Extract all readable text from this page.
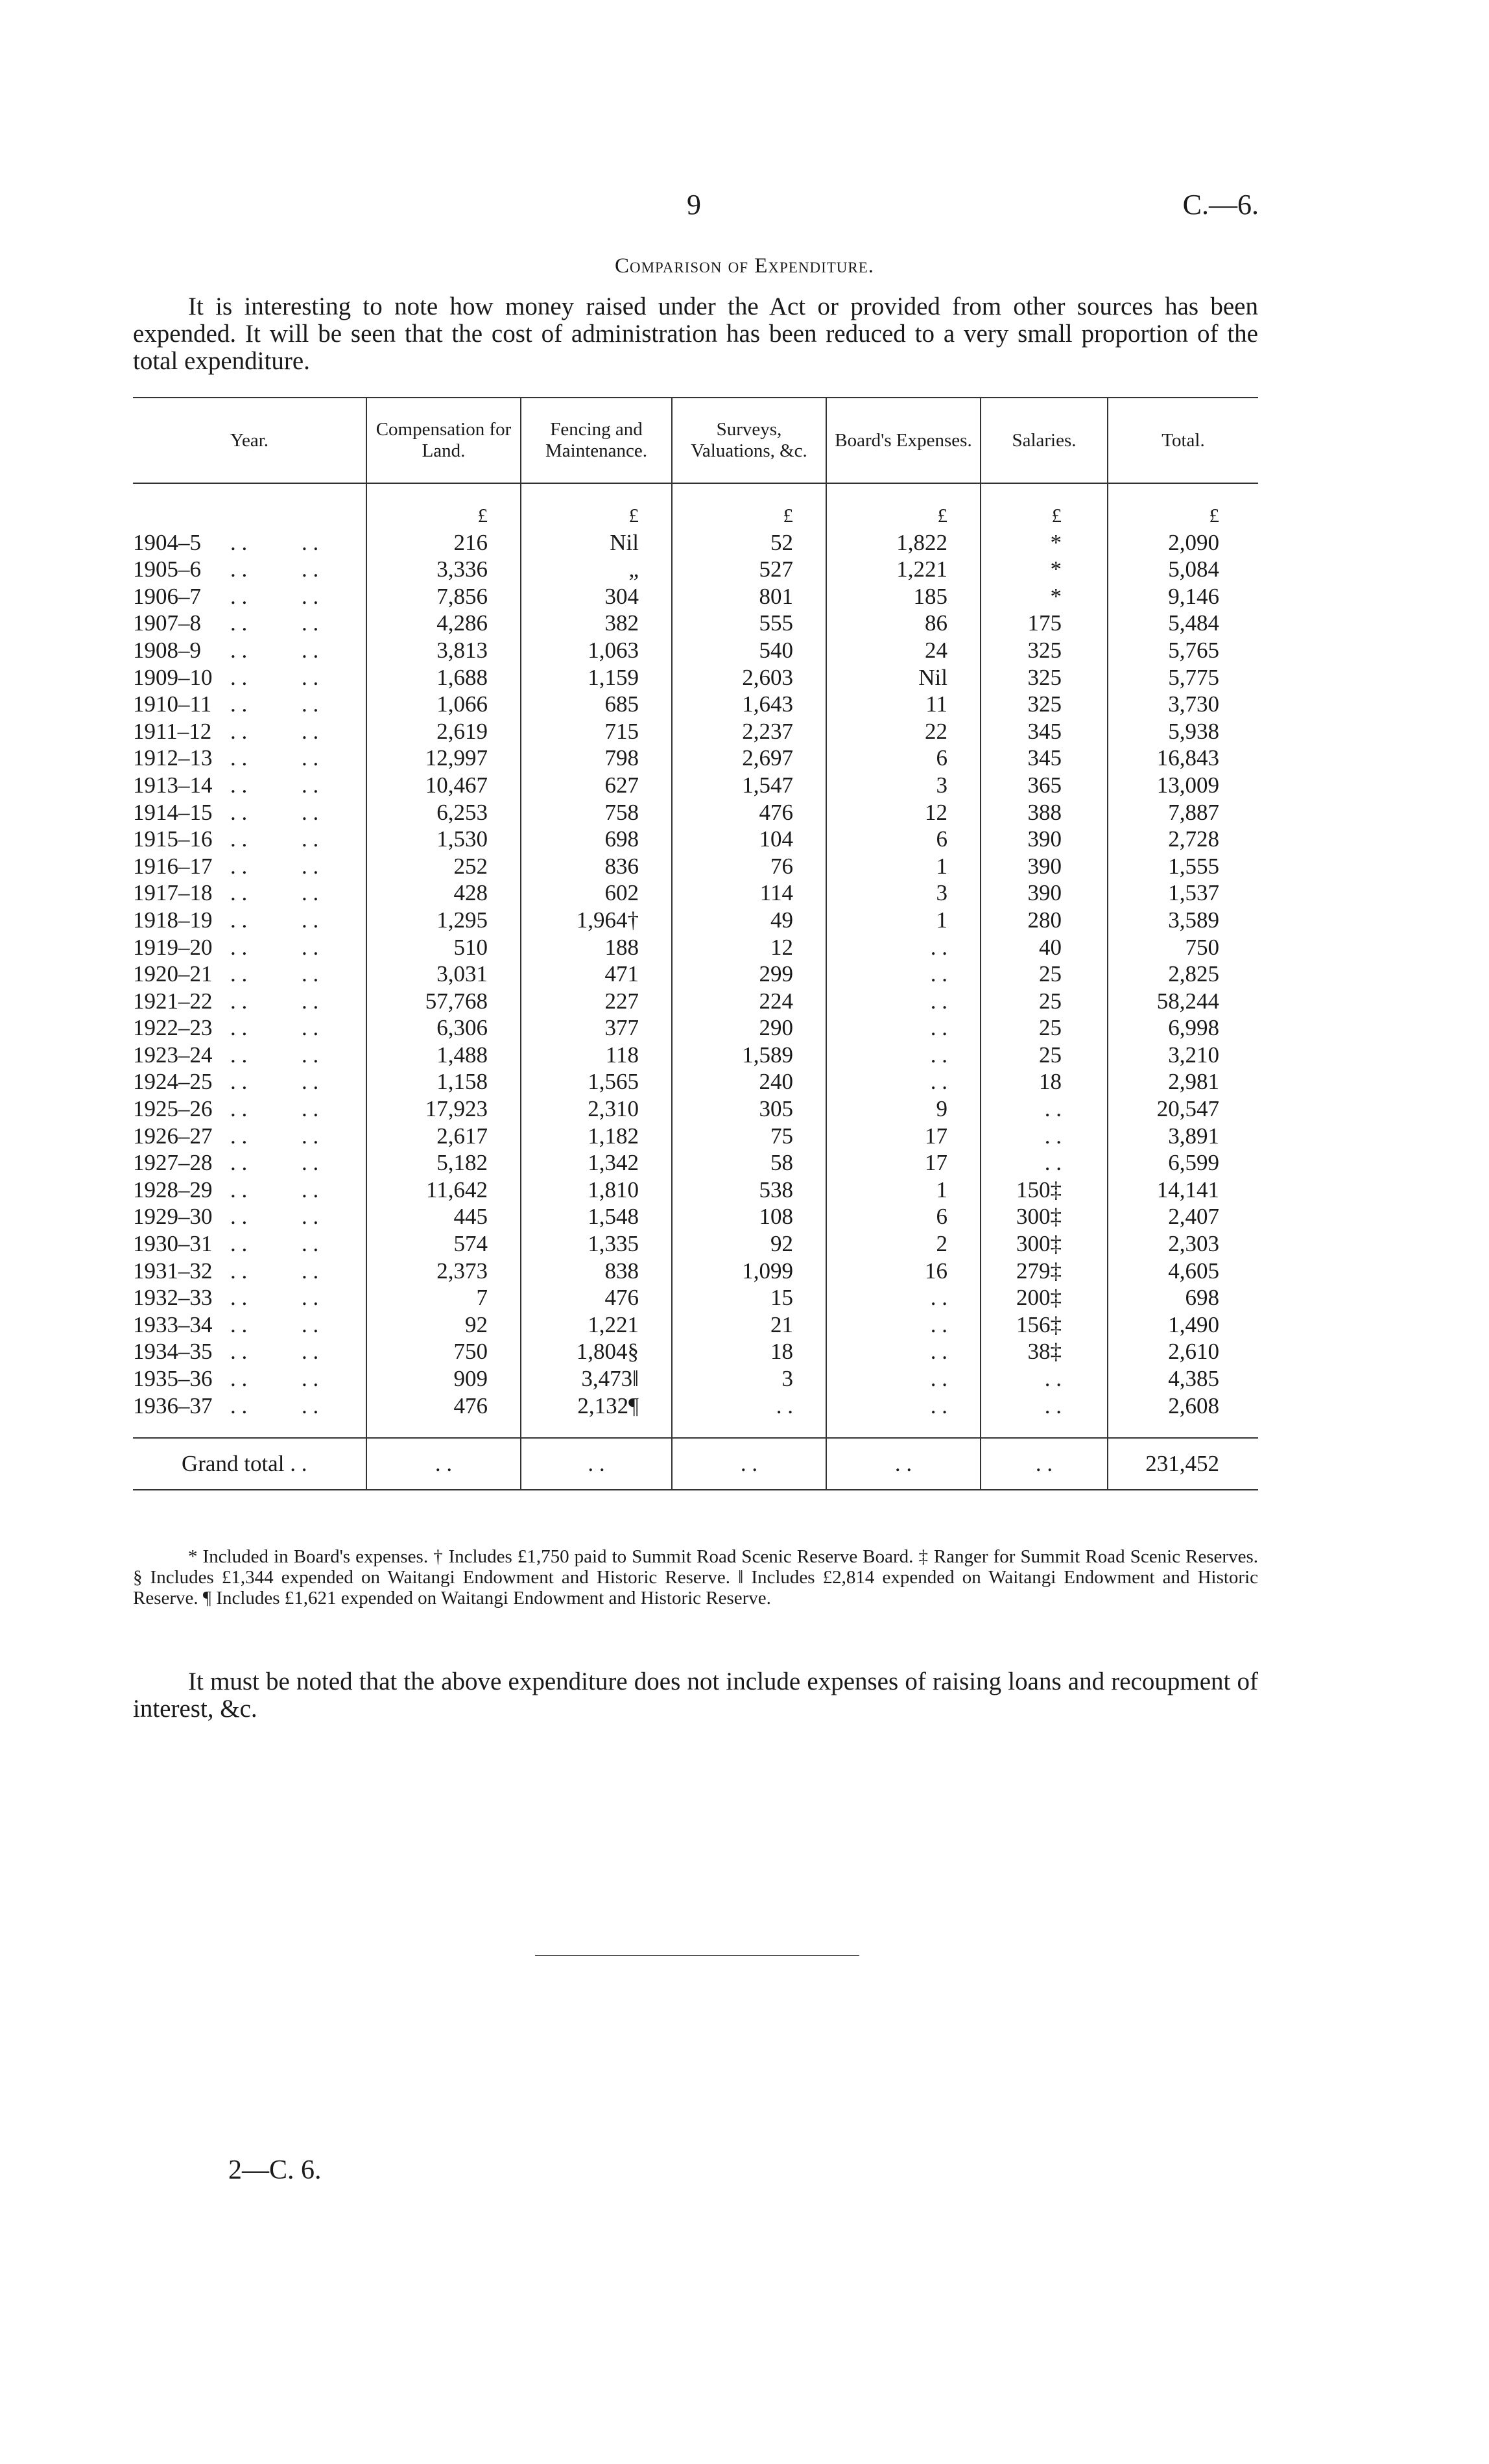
9	C.—6.
Comparison of Expenditure.

It is interesting to note how money raised under the Act or provided from other sources has been expended. It will be seen that the cost of administration has been reduced to a very small proportion of the total expenditure.

Year.	Compensation for Land.	Fencing and Maintenance.	Surveys, Valuations, &c.	Board's Expenses.	Salaries.	Total.

	£	£	£	£	£	£
1904–5 . . . .	216	Nil	52	1,822	*	2,090
1905–6 . . . .	3,336	„	527	1,221	*	5,084
1906–7 . . . .	7,856	304	801	185	*	9,146
1907–8 . . . .	4,286	382	555	86	175	5,484
1908–9 . . . .	3,813	1,063	540	24	325	5,765
1909–10 . . . .	1,688	1,159	2,603	Nil	325	5,775
1910–11 . . . .	1,066	685	1,643	11	325	3,730
1911–12 . . . .	2,619	715	2,237	22	345	5,938
1912–13 . . . .	12,997	798	2,697	6	345	16,843
1913–14 . . . .	10,467	627	1,547	3	365	13,009
1914–15 . . . .	6,253	758	476	12	388	7,887
1915–16 . . . .	1,530	698	104	6	390	2,728
1916–17 . . . .	252	836	76	1	390	1,555
1917–18 . . . .	428	602	114	3	390	1,537
1918–19 . . . .	1,295	1,964†	49	1	280	3,589
1919–20 . . . .	510	188	12	. .	40	750
1920–21 . . . .	3,031	471	299	. .	25	2,825
1921–22 . . . .	57,768	227	224	. .	25	58,244
1922–23 . . . .	6,306	377	290	. .	25	6,998
1923–24 . . . .	1,488	118	1,589	. .	25	3,210
1924–25 . . . .	1,158	1,565	240	. .	18	2,981
1925–26 . . . .	17,923	2,310	305	9	. .	20,547
1926–27 . . . .	2,617	1,182	75	17	. .	3,891
1927–28 . . . .	5,182	1,342	58	17	. .	6,599
1928–29 . . . .	11,642	1,810	538	1	150‡	14,141
1929–30 . . . .	445	1,548	108	6	300‡	2,407
1930–31 . . . .	574	1,335	92	2	300‡	2,303
1931–32 . . . .	2,373	838	1,099	16	279‡	4,605
1932–33 . . . .	7	476	15	. .	200‡	698
1933–34 . . . .	92	1,221	21	. .	156‡	1,490
1934–35 . . . .	750	1,804§	18	. .	38‡	2,610
1935–36 . . . .	909	3,473‖	3	. .	. .	4,385
1936–37 . . . .	476	2,132¶	. .	. .	. .	2,608

Grand total . .	. .	. .	. .	. .	. .	231,452

* Included in Board's expenses. † Includes £1,750 paid to Summit Road Scenic Reserve Board. ‡ Ranger for Summit Road Scenic Reserves. § Includes £1,344 expended on Waitangi Endowment and Historic Reserve. ‖ Includes £2,814 expended on Waitangi Endowment and Historic Reserve. ¶ Includes £1,621 expended on Waitangi Endowment and Historic Reserve.

It must be noted that the above expenditure does not include expenses of raising loans and recoupment of interest, &c.

2—C. 6.
